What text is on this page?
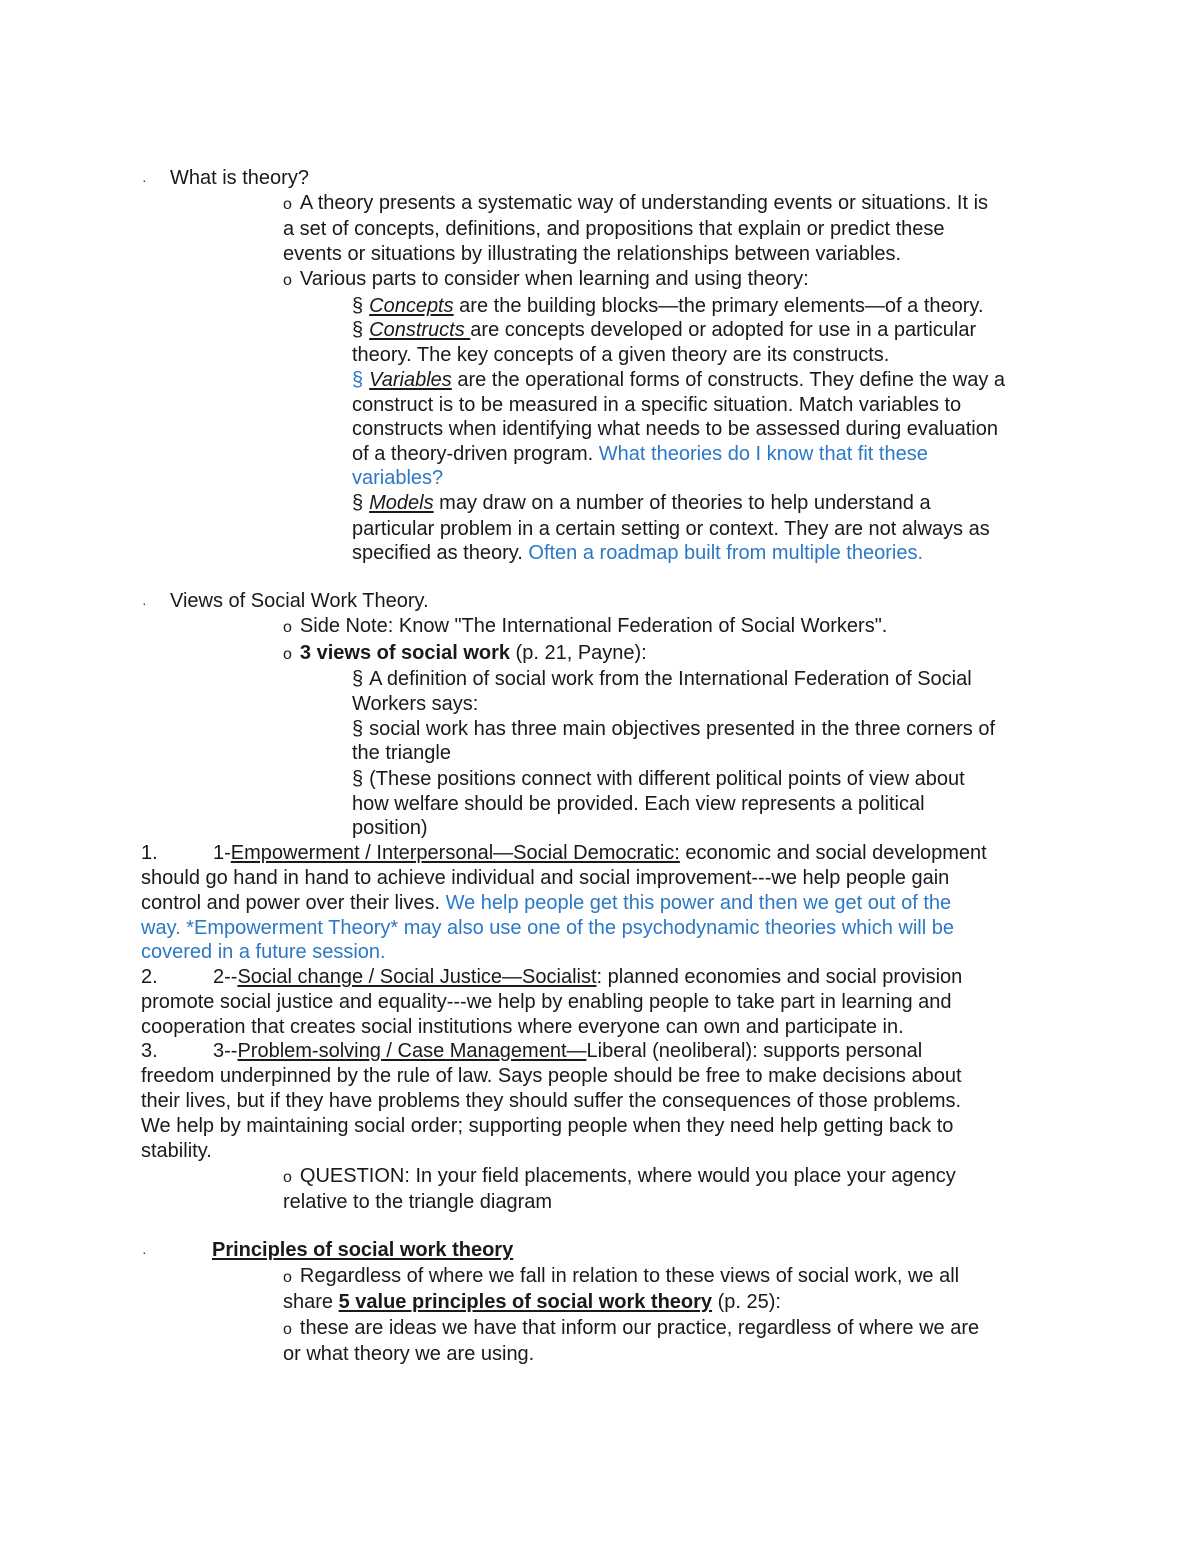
· What is theory?
o A theory presents a systematic way of understanding events or situations. It is
a set of concepts, definitions, and propositions that explain or predict these
events or situations by illustrating the relationships between variables.
o Various parts to consider when learning and using theory:
§ Concepts are the building blocks—the primary elements—of a theory.
§ Constructs are concepts developed or adopted for use in a particular
theory. The key concepts of a given theory are its constructs.
§ Variables are the operational forms of constructs. They define the way a
construct is to be measured in a specific situation. Match variables to
constructs when identifying what needs to be assessed during evaluation
of a theory-driven program. What theories do I know that fit these
variables?
§ Models may draw on a number of theories to help understand a
particular problem in a certain setting or context. They are not always as
specified as theory. Often a roadmap built from multiple theories.
· Views of Social Work Theory.
o Side Note: Know "The International Federation of Social Workers".
o 3 views of social work (p. 21, Payne):
§ A definition of social work from the International Federation of Social
Workers says:
§ social work has three main objectives presented in the three corners of
the triangle
§ (These positions connect with different political points of view about
how welfare should be provided. Each view represents a political
position)
1.	1-Empowerment / Interpersonal—Social Democratic: economic and social development
should go hand in hand to achieve individual and social improvement---we help people gain
control and power over their lives. We help people get this power and then we get out of the
way. *Empowerment Theory* may also use one of the psychodynamic theories which will be
covered in a future session.
2.	2--Social change / Social Justice—Socialist: planned economies and social provision
promote social justice and equality---we help by enabling people to take part in learning and
cooperation that creates social institutions where everyone can own and participate in.
3.	3--Problem-solving / Case Management—Liberal (neoliberal): supports personal
freedom underpinned by the rule of law. Says people should be free to make decisions about
their lives, but if they have problems they should suffer the consequences of those problems.
We help by maintaining social order; supporting people when they need help getting back to
stability.
o QUESTION: In your field placements, where would you place your agency
relative to the triangle diagram
·	Principles of social work theory
o Regardless of where we fall in relation to these views of social work, we all
share 5 value principles of social work theory (p. 25):
o these are ideas we have that inform our practice, regardless of where we are
or what theory we are using.
